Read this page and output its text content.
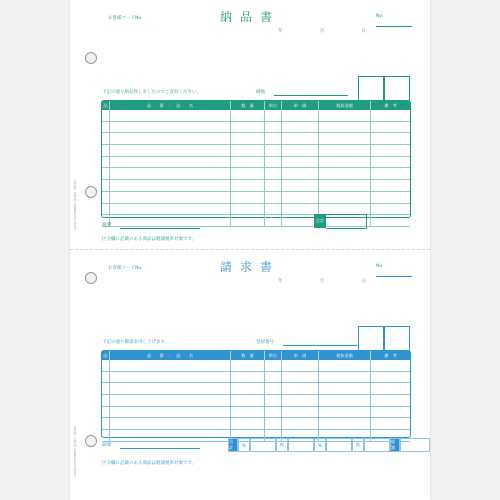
GOOD-STATIONERY 納品書・請求書
GOOD-STATIONERY 納品書・請求書
お客様コードNo.	納品書	No.
年	月	日
下記の通り納品致しましたのでご査収ください。	御地：
品番
品　　番　・　品　　名	数　量	単位	単　価	税抜金額	備　考
合計
摘要：
区分欄に記載のある商品は軽減税率対象です。
お客様コードNo.	請求書	No.
年	月	日
下記の通り御請求申し上げます。	登録番号：
品番
品　　番　・　品　　名	数　量	単位	単　価	税抜金額	備　考
合計	%	税	%	税
総額
摘要：
区分欄に記載のある商品は軽減税率対象です。
